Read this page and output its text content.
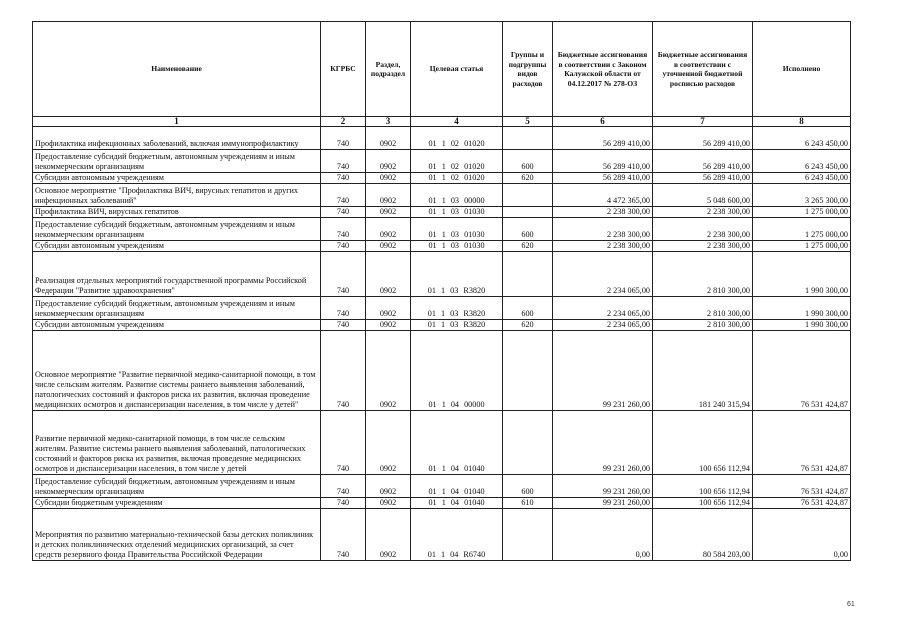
Наименование	КГРБС	Раздел, подраздел	Целевая статья	Группы и подгруппы видов расходов	Бюджетные ассигнования в соответствии с Законом Калужской области от 04.12.2017 № 278-ОЗ	Бюджетные ассигнования в соответствии с уточненной бюджетной росписью расходов	Исполнено
1	2	3	4	5	6	7	8
Профилактика инфекционных заболеваний, включая иммунопрофилактику	740	0902	01 1 02 01020		56 289 410,00	56 289 410,00	6 243 450,00
Предоставление субсидий бюджетным, автономным учреждениям и иным некоммерческим организациям	740	0902	01 1 02 01020	600	56 289 410,00	56 289 410,00	6 243 450,00
Субсидии автономным учреждениям	740	0902	01 1 02 01020	620	56 289 410,00	56 289 410,00	6 243 450,00
Основное мероприятие "Профилактика ВИЧ, вирусных гепатитов и других инфекционных заболеваний"	740	0902	01 1 03 00000		4 472 365,00	5 048 600,00	3 265 300,00
Профилактика ВИЧ, вирусных гепатитов	740	0902	01 1 03 01030		2 238 300,00	2 238 300,00	1 275 000,00
Предоставление субсидий бюджетным, автономным учреждениям и иным некоммерческим организациям	740	0902	01 1 03 01030	600	2 238 300,00	2 238 300,00	1 275 000,00
Субсидии автономным учреждениям	740	0902	01 1 03 01030	620	2 238 300,00	2 238 300,00	1 275 000,00
Реализация отдельных мероприятий государственной программы Российской Федерации "Развитие здравоохранения"	740	0902	01 1 03 R3820		2 234 065,00	2 810 300,00	1 990 300,00
Предоставление субсидий бюджетным, автономным учреждениям и иным некоммерческим организациям	740	0902	01 1 03 R3820	600	2 234 065,00	2 810 300,00	1 990 300,00
Субсидии автономным учреждениям	740	0902	01 1 03 R3820	620	2 234 065,00	2 810 300,00	1 990 300,00
Основное мероприятие "Развитие первичной медико-санитарной помощи, в том числе сельским жителям. Развитие системы раннего выявления заболеваний, патологических состояний и факторов риска их развития, включая проведение медицинских осмотров и диспансеризации населения, в том числе у детей"	740	0902	01 1 04 00000		99 231 260,00	181 240 315,94	76 531 424,87
Развитие первичной медико-санитарной помощи, в том числе сельским жителям. Развитие системы раннего выявления заболеваний, патологических состояний и факторов риска их развития, включая проведение медицинских осмотров и диспансеризации населения, в том числе у детей	740	0902	01 1 04 01040		99 231 260,00	100 656 112,94	76 531 424,87
Предоставление субсидий бюджетным, автономным учреждениям и иным некоммерческим организациям	740	0902	01 1 04 01040	600	99 231 260,00	100 656 112,94	76 531 424,87
Субсидии бюджетным учреждениям	740	0902	01 1 04 01040	610	99 231 260,00	100 656 112,94	76 531 424,87
Мероприятия по развитию материально-технической базы детских поликлиник и детских поликлинических отделений медицинских организаций, за счет средств резервного фонда Правительства Российской Федерации	740	0902	01 1 04 R6740		0,00	80 584 203,00	0,00
61
